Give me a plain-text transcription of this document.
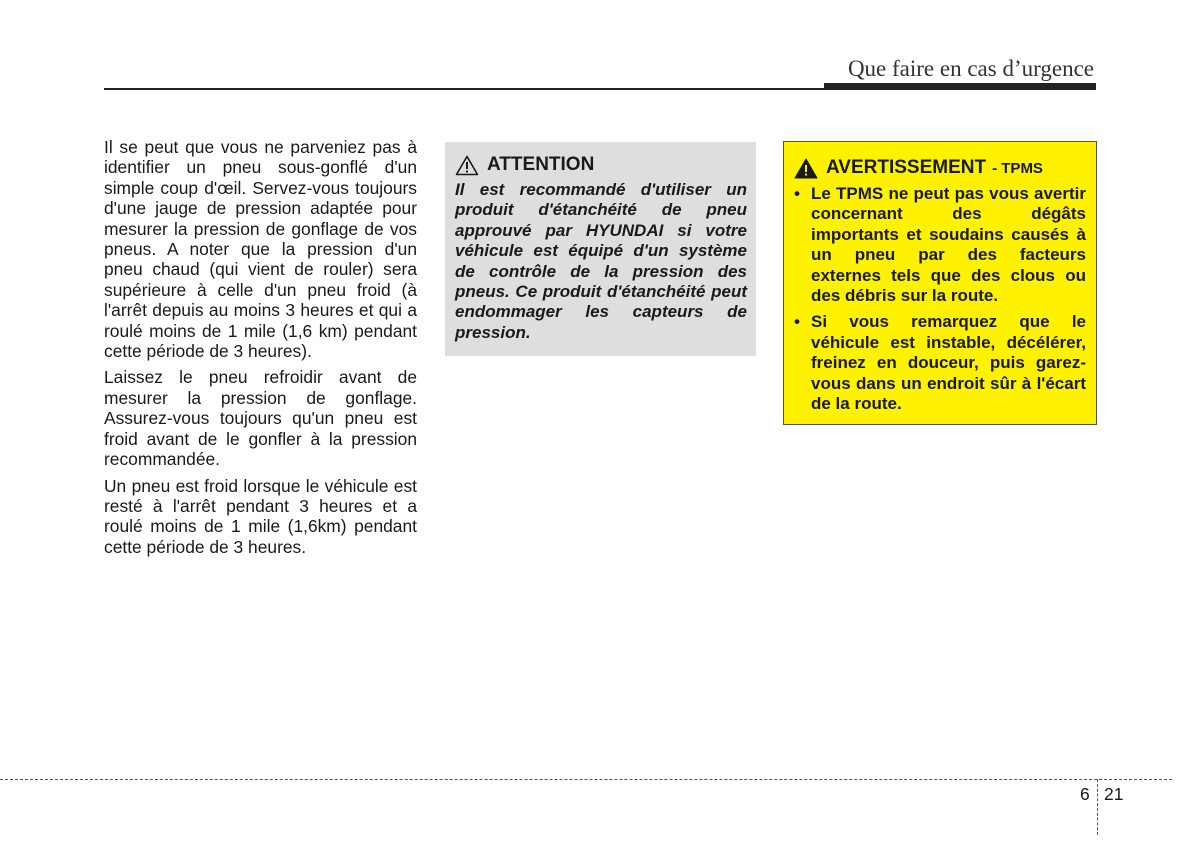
Que faire en cas d’urgence

Il se peut que vous ne parveniez pas à identifier un pneu sous-gonflé d'un simple coup d'œil. Servez-vous toujours d'une jauge de pression adaptée pour mesurer la pression de gonflage de vos pneus. A noter que la pression d'un pneu chaud (qui vient de rouler) sera supérieure à celle d'un pneu froid (à l'arrêt depuis au moins 3 heures et qui a roulé moins de 1 mile (1,6 km) pendant cette période de 3 heures).

Laissez le pneu refroidir avant de mesurer la pression de gonflage. Assurez-vous toujours qu'un pneu est froid avant de le gonfler à la pression recommandée.

Un pneu est froid lorsque le véhicule est resté à l'arrêt pendant 3 heures et a roulé moins de 1 mile (1,6km) pendant cette période de 3 heures.

ATTENTION

Il est recommandé d'utiliser un produit d'étanchéité de pneu approuvé par HYUNDAI si votre véhicule est équipé d'un système de contrôle de la pression des pneus. Ce produit d'étanchéité peut endommager les capteurs de pression.

AVERTISSEMENT - TPMS
• Le TPMS ne peut pas vous avertir concernant des dégâts importants et soudains causés à un pneu par des facteurs externes tels que des clous ou des débris sur la route.
• Si vous remarquez que le véhicule est instable, décélérer, freinez en douceur, puis garez-vous dans un endroit sûr à l'écart de la route.
6 21
